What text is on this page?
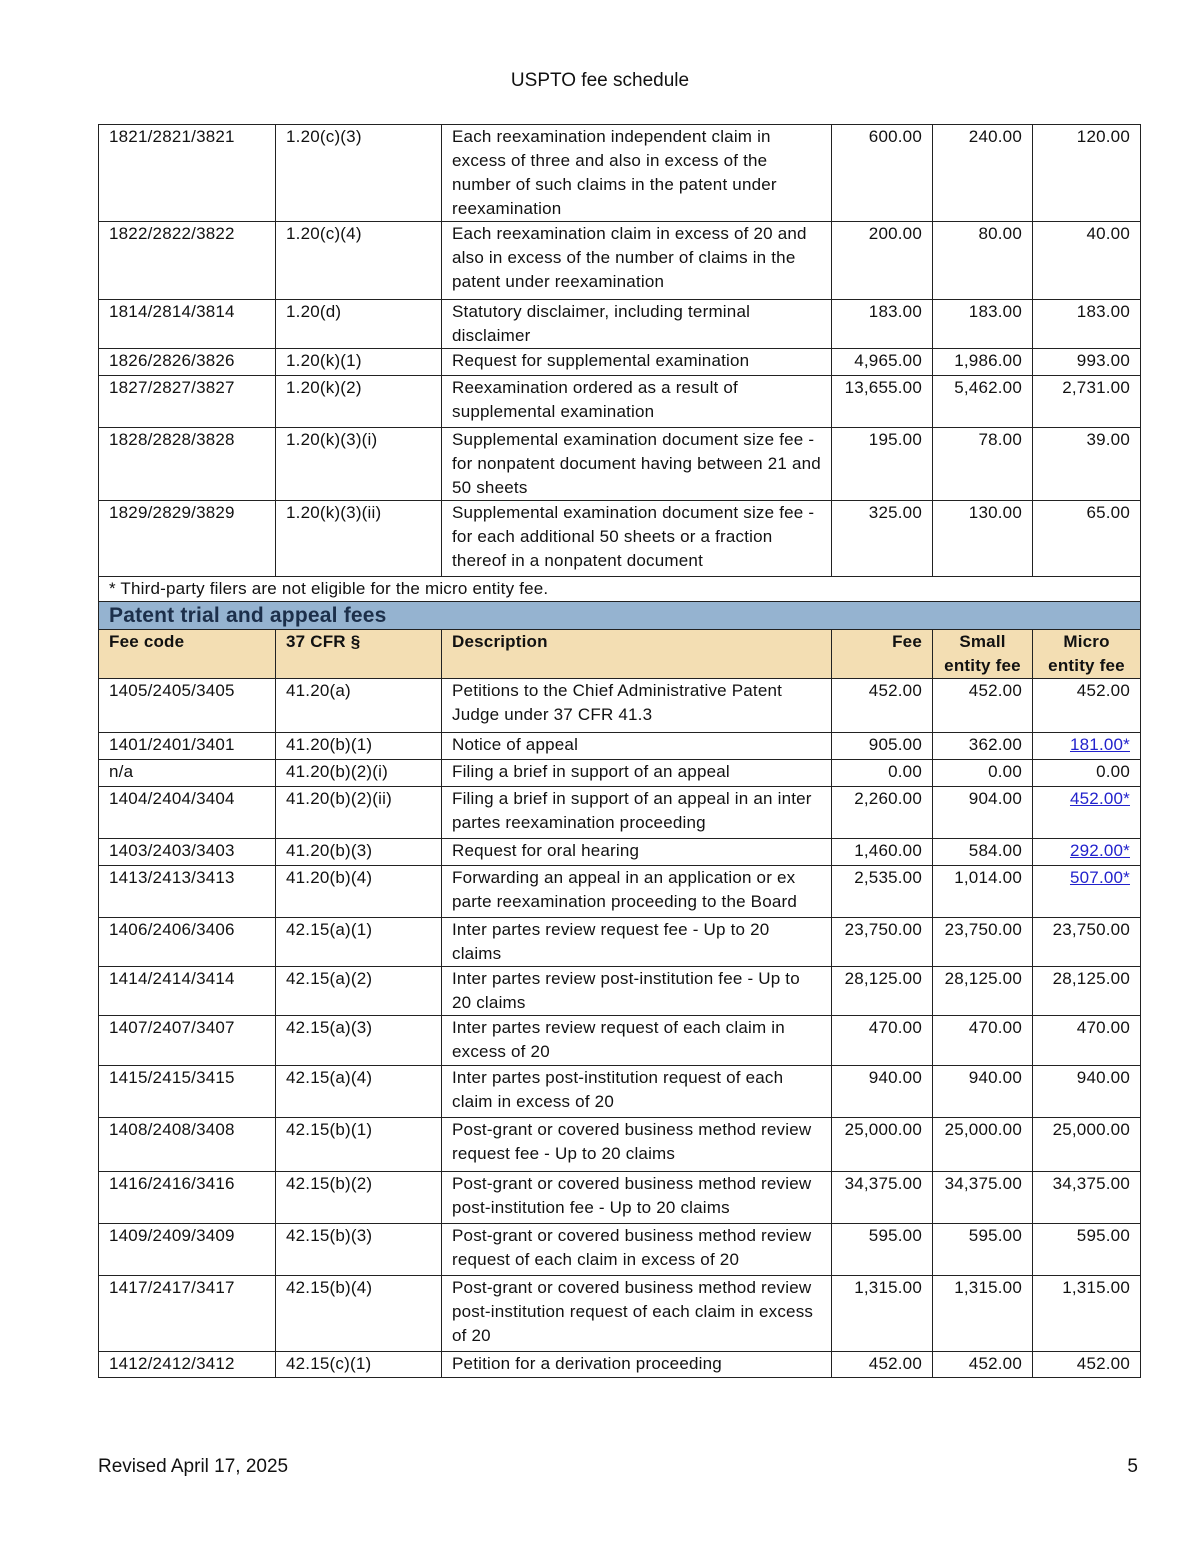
USPTO fee schedule
1821/2821/3821	1.20(c)(3)	Each reexamination independent claim in excess of three and also in excess of the number of such claims in the patent under reexamination	600.00	240.00	120.00
1822/2822/3822	1.20(c)(4)	Each reexamination claim in excess of 20 and also in excess of the number of claims in the patent under reexamination	200.00	80.00	40.00
1814/2814/3814	1.20(d)	Statutory disclaimer, including terminal disclaimer	183.00	183.00	183.00
1826/2826/3826	1.20(k)(1)	Request for supplemental examination	4,965.00	1,986.00	993.00
1827/2827/3827	1.20(k)(2)	Reexamination ordered as a result of supplemental examination	13,655.00	5,462.00	2,731.00
1828/2828/3828	1.20(k)(3)(i)	Supplemental examination document size fee - for nonpatent document having between 21 and 50 sheets	195.00	78.00	39.00
1829/2829/3829	1.20(k)(3)(ii)	Supplemental examination document size fee - for each additional 50 sheets or a fraction thereof in a nonpatent document	325.00	130.00	65.00
* Third-party filers are not eligible for the micro entity fee.					
Patent trial and appeal fees					
Fee code	37 CFR §	Description	Fee	Small entity fee	Micro entity fee
1405/2405/3405	41.20(a)	Petitions to the Chief Administrative Patent Judge under 37 CFR 41.3	452.00	452.00	452.00
1401/2401/3401	41.20(b)(1)	Notice of appeal	905.00	362.00	181.00*
n/a	41.20(b)(2)(i)	Filing a brief in support of an appeal	0.00	0.00	0.00
1404/2404/3404	41.20(b)(2)(ii)	Filing a brief in support of an appeal in an inter partes reexamination proceeding	2,260.00	904.00	452.00*
1403/2403/3403	41.20(b)(3)	Request for oral hearing	1,460.00	584.00	292.00*
1413/2413/3413	41.20(b)(4)	Forwarding an appeal in an application or ex parte reexamination proceeding to the Board	2,535.00	1,014.00	507.00*
1406/2406/3406	42.15(a)(1)	Inter partes review request fee - Up to 20 claims	23,750.00	23,750.00	23,750.00
1414/2414/3414	42.15(a)(2)	Inter partes review post-institution fee - Up to 20 claims	28,125.00	28,125.00	28,125.00
1407/2407/3407	42.15(a)(3)	Inter partes review request of each claim in excess of 20	470.00	470.00	470.00
1415/2415/3415	42.15(a)(4)	Inter partes post-institution request of each claim in excess of 20	940.00	940.00	940.00
1408/2408/3408	42.15(b)(1)	Post-grant or covered business method review request fee - Up to 20 claims	25,000.00	25,000.00	25,000.00
1416/2416/3416	42.15(b)(2)	Post-grant or covered business method review post-institution fee - Up to 20 claims	34,375.00	34,375.00	34,375.00
1409/2409/3409	42.15(b)(3)	Post-grant or covered business method review request of each claim in excess of 20	595.00	595.00	595.00
1417/2417/3417	42.15(b)(4)	Post-grant or covered business method review post-institution request of each claim in excess of 20	1,315.00	1,315.00	1,315.00
1412/2412/3412	42.15(c)(1)	Petition for a derivation proceeding	452.00	452.00	452.00
Revised April 17, 2025	5
